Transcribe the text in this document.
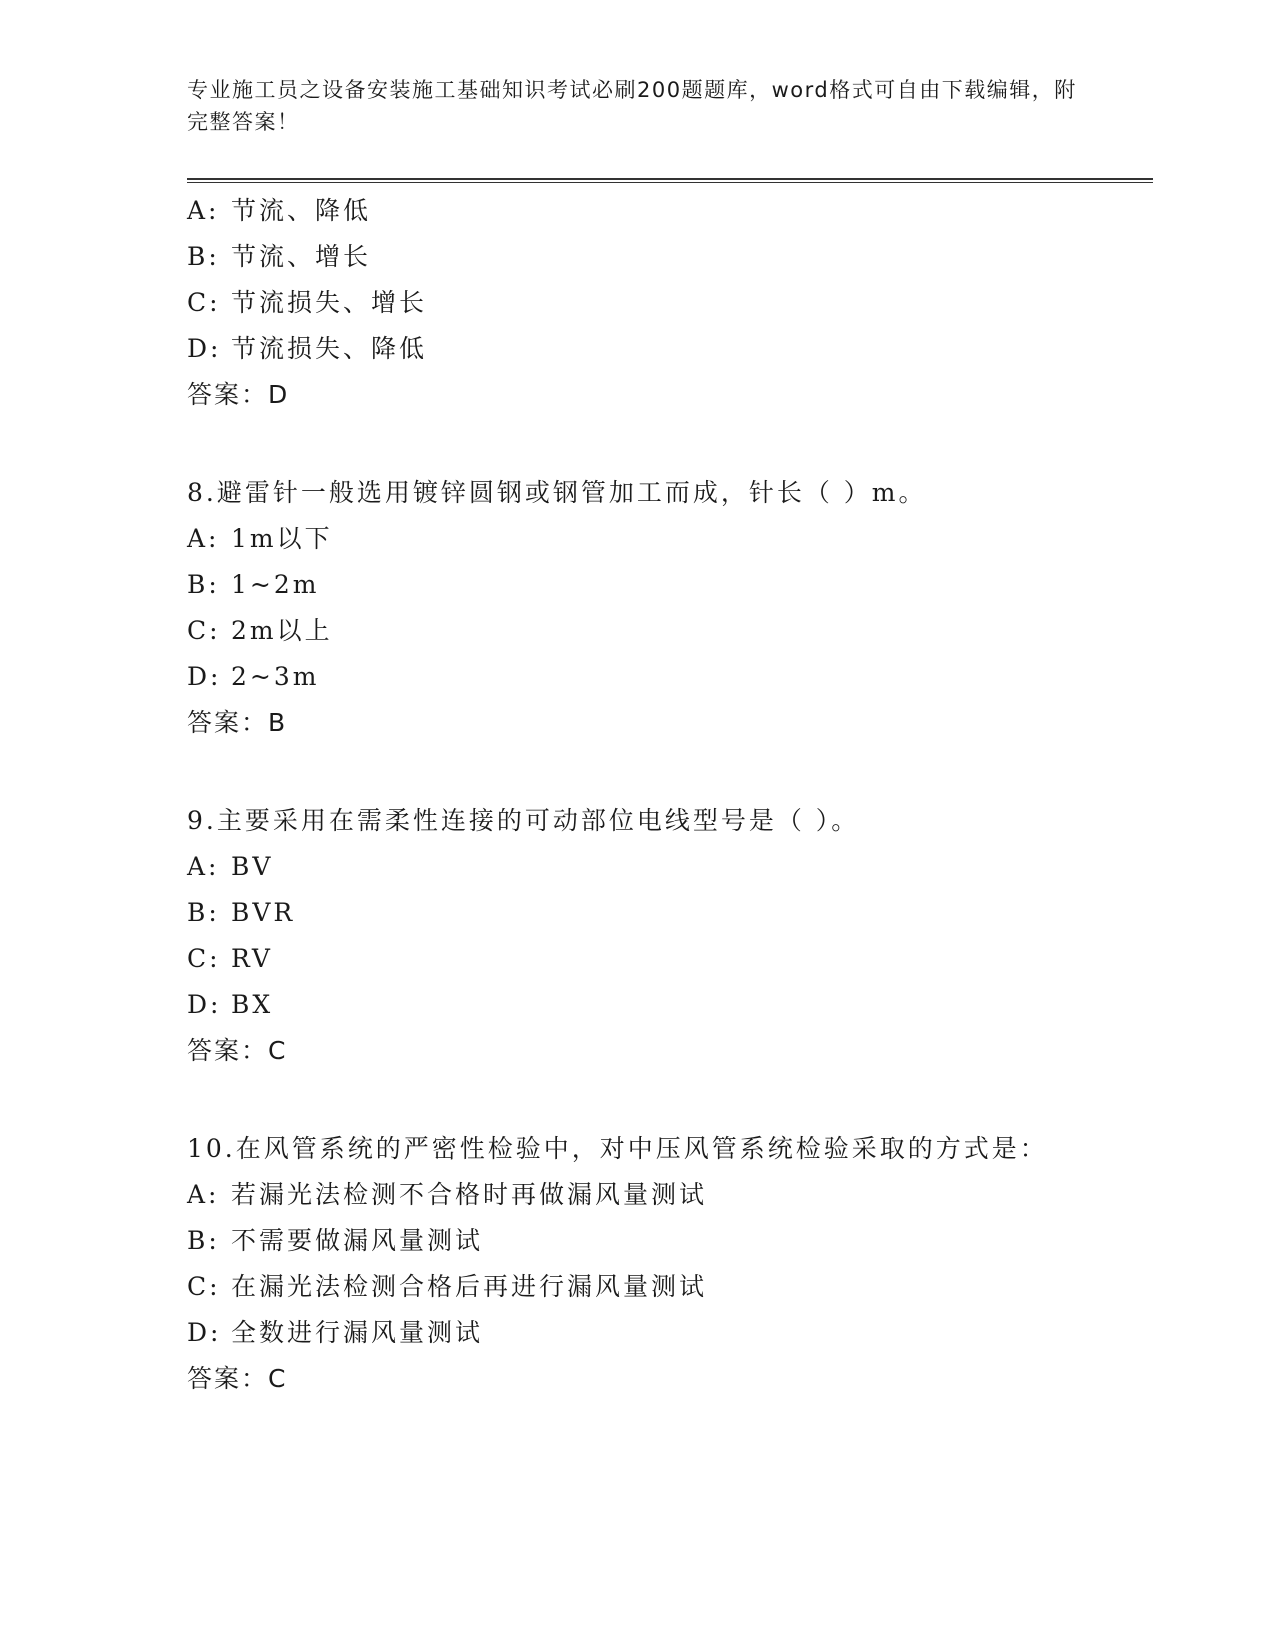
专业施工员之设备安装施工基础知识考试必刷200题题库，word格式可自由下载编辑，附完整答案！
A: 节流、降低
B: 节流、增长
C: 节流损失、增长
D: 节流损失、降低
答案：D
8.避雷针一般选用镀锌圆钢或钢管加工而成，针长（ ）m。
A: 1m以下
B: 1~2m
C: 2m以上
D: 2~3m
答案：B
9.主要采用在需柔性连接的可动部位电线型号是（ ）。
A: BV
B: BVR
C: RV
D: BX
答案：C
10.在风管系统的严密性检验中，对中压风管系统检验采取的方式是：
A: 若漏光法检测不合格时再做漏风量测试
B: 不需要做漏风量测试
C: 在漏光法检测合格后再进行漏风量测试
D: 全数进行漏风量测试
答案：C
